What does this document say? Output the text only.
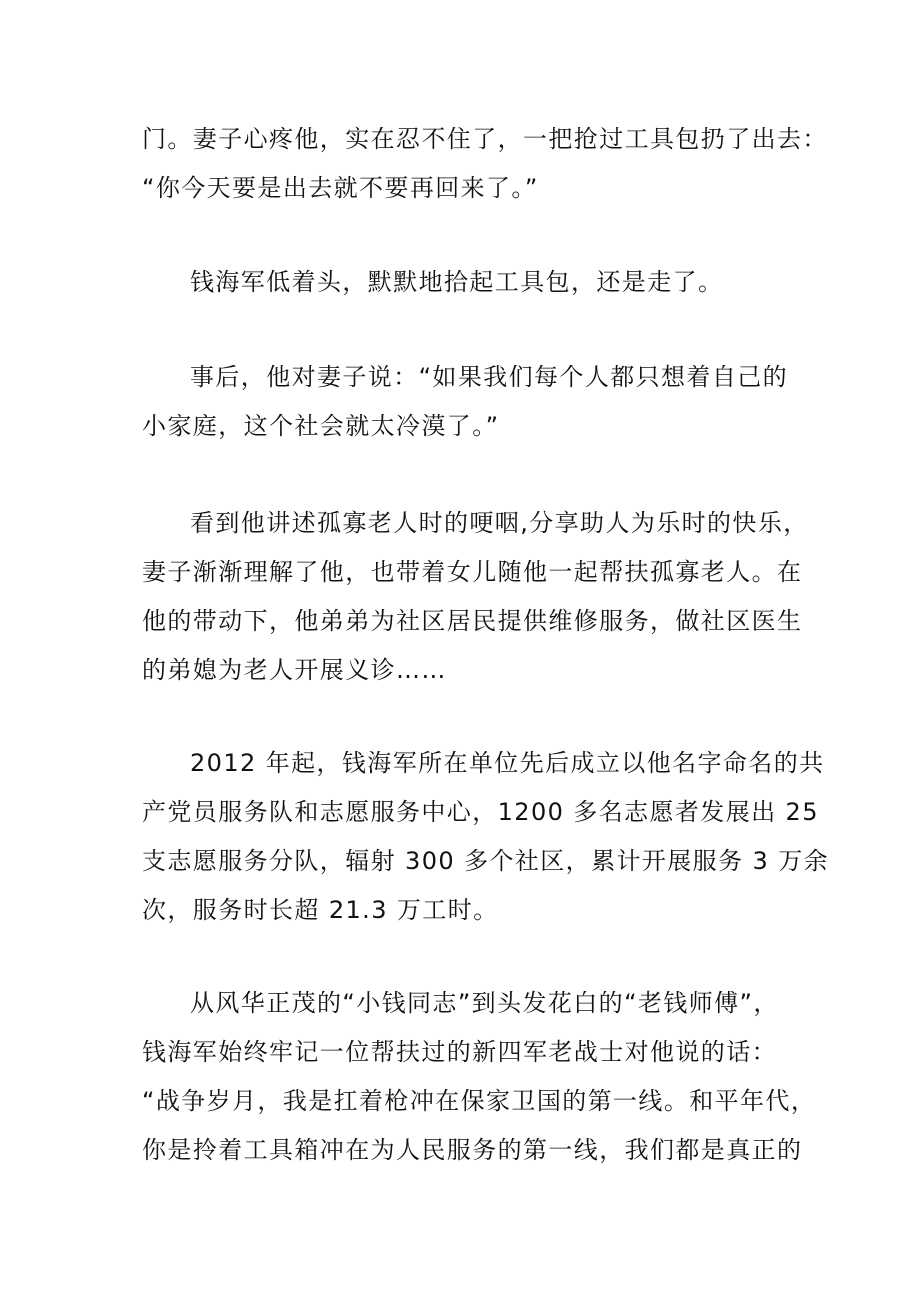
门。妻子心疼他，实在忍不住了，一把抢过工具包扔了出去：

“你今天要是出去就不要再回来了。”

钱海军低着头，默默地拾起工具包，还是走了。

事后，他对妻子说：“如果我们每个人都只想着自己的

小家庭，这个社会就太冷漠了。”

看到他讲述孤寡老人时的哽咽,分享助人为乐时的快乐，

妻子渐渐理解了他，也带着女儿随他一起帮扶孤寡老人。在

他的带动下，他弟弟为社区居民提供维修服务，做社区医生

的弟媳为老人开展义诊……

2012 年起，钱海军所在单位先后成立以他名字命名的共

产党员服务队和志愿服务中心，1200 多名志愿者发展出 25

支志愿服务分队，辐射 300 多个社区，累计开展服务 3 万余

次，服务时长超 21.3 万工时。

从风华正茂的“小钱同志”到头发花白的“老钱师傅”，

钱海军始终牢记一位帮扶过的新四军老战士对他说的话：

“战争岁月，我是扛着枪冲在保家卫国的第一线。和平年代，

你是拎着工具箱冲在为人民服务的第一线，我们都是真正的
